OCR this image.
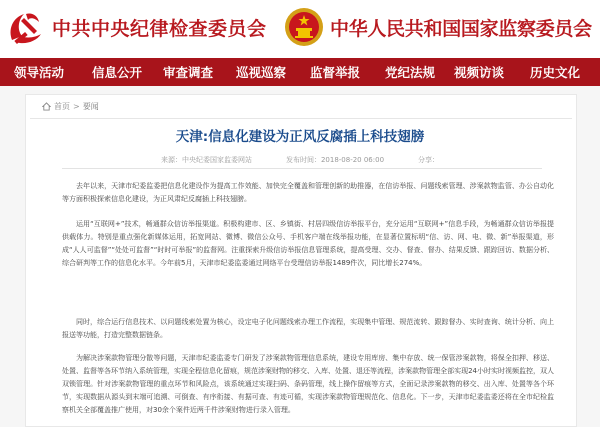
中共中央纪律检查委员会	中华人民共和国国家监察委员会
领导活动 信息公开 审查调查 巡视巡察 监督举报 党纪法规 视频访谈 历史文化
首页 > 要闻
天津:信息化建设为正风反腐插上科技翅膀
来源：中央纪委国家监委网站	发布时间：2018-08-20 06:00	分享：

去年以来，天津市纪委监委把信息化建设作为提高工作效能、加快完全覆盖和管理创新的助推器，在信访举报、问题线索管理、涉案款物监管、办公自动化等方面积极探索信息化建设，为正风肃纪反腐插上科技翅膀。

运用“互联网+”技术，畅通群众信访举报渠道。积极构建市、区、乡镇街、村居四级信访举报平台，充分运用“互联网+”信息手段，为畅通群众信访举报提供载体力。特别是重点强化新媒体运用，拓宽网站、微博、微信公众号、手机客户端在线举报功能，在显著位置标明“信、访、网、电、微、新”举报渠道，形成“人人可监督”“处处可监督”“时时可举报”的监督网。注重探索升级信访举报信息管理系统，提高受理、交办、督查、督办、结果反馈、跟踪回访、数据分析、综合研判等工作的信息化水平。今年前5月，天津市纪委监委通过网络平台受理信访举报1489件次，同比增长274%。

同时，综合运行信息技术、以问题线索处置为核心，设定电子化问题线索办理工作流程，实现集中管理、规范流转、跟踪督办、实时查询、统计分析、向上报送等功能，打造完整数据链条。

为解决涉案款物管理分散等问题，天津市纪委监委专门研发了涉案款物管理信息系统，建设专用库房、集中存放、统一保管涉案款物，将保全扣押、移送、处置、监督等各环节纳入系统管理，实现全程信息化留痕，规范涉案财物的移交、入库、处置、退还等流程，涉案款物管理全部实现24小时实时视频监控，双人双锁管理。针对涉案款物管理的重点环节和风险点，该系统通过实现扫码、条码管理，线上操作留痕等方式，全面记录涉案款物的移交、出入库、处置等各个环节，实现数据从源头到末端可追溯、可倒查、有序衔接、有据可查、有迹可循，实现涉案款物管理规范化、信息化。下一步，天津市纪委监委还将在全市纪检监察机关全部覆盖推广使用，对30余个案件近两千件涉案财物进行录入管理。
